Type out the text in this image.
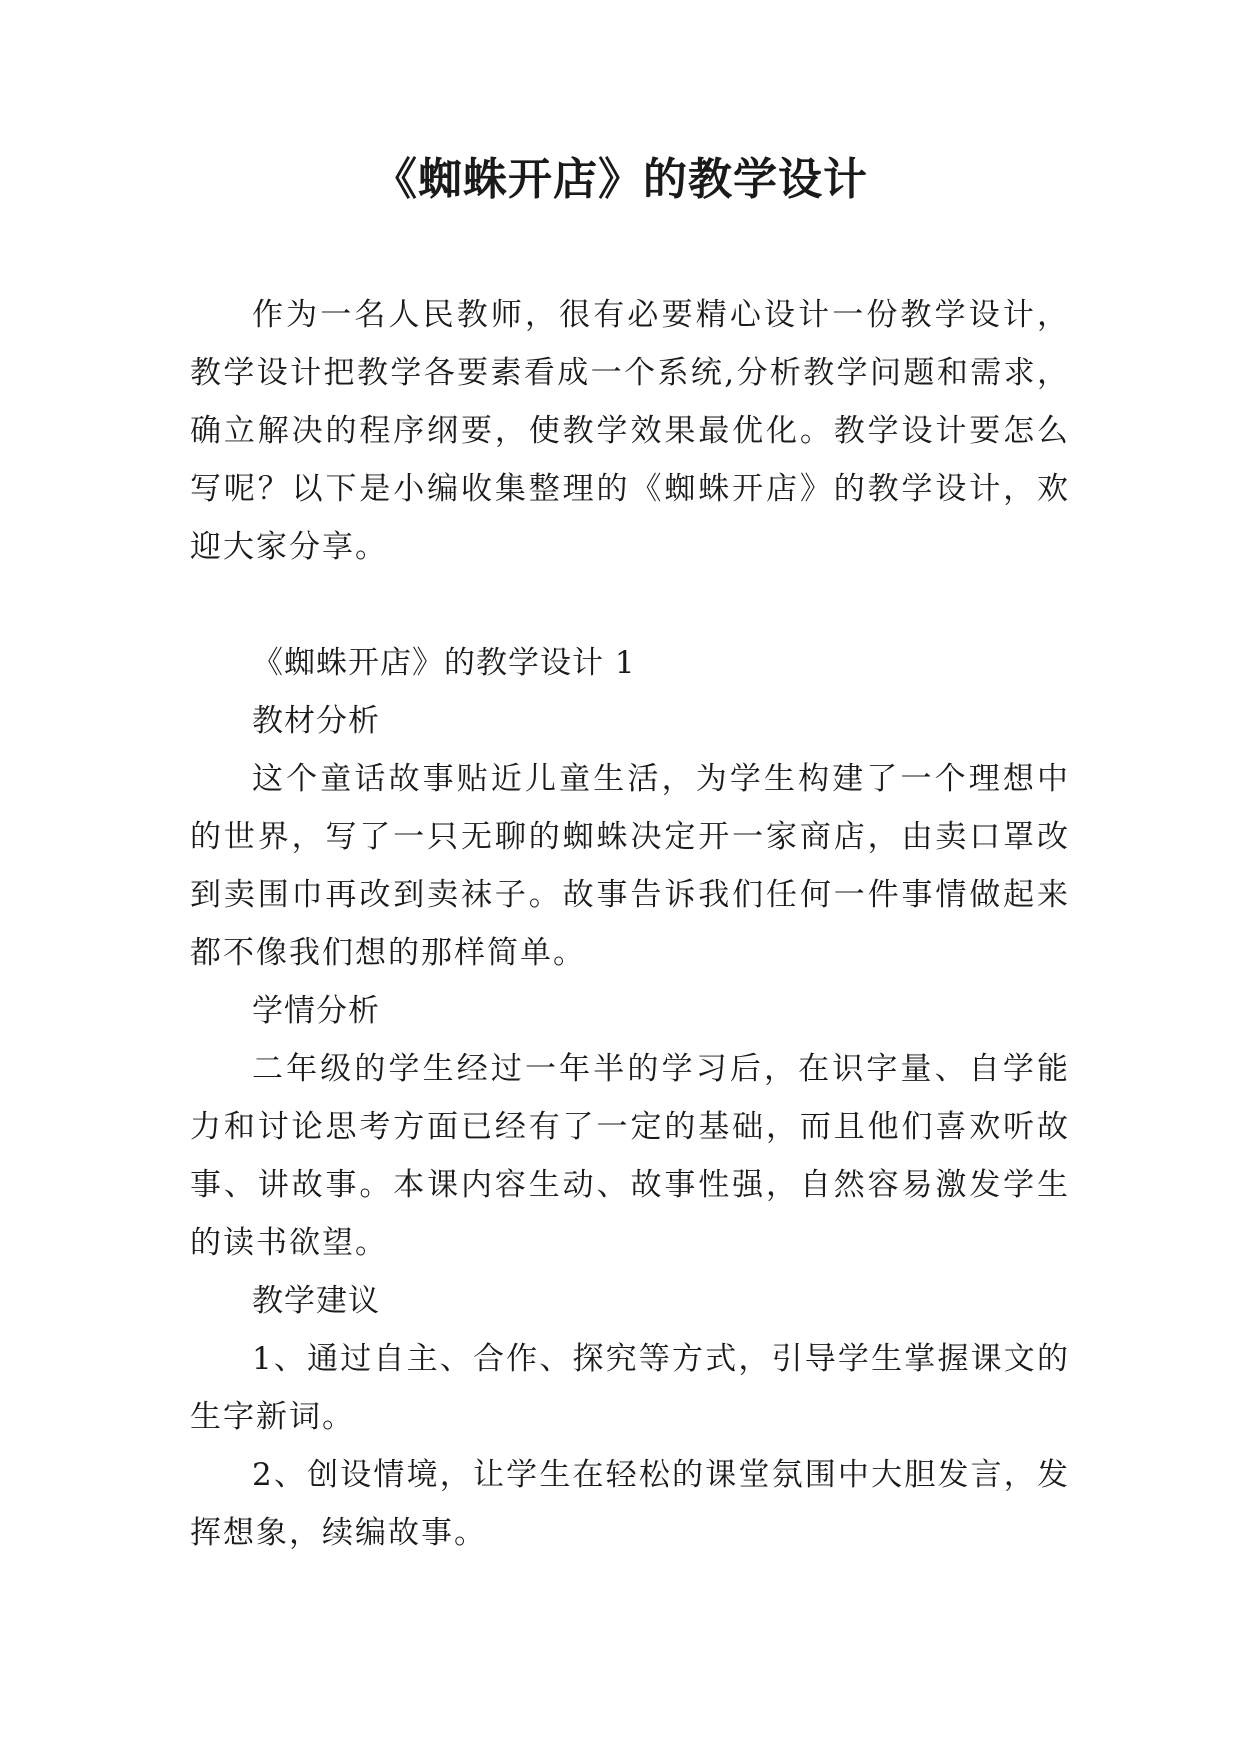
《蜘蛛开店》的教学设计

作为一名人民教师，很有必要精心设计一份教学设计，教学设计把教学各要素看成一个系统,分析教学问题和需求，确立解决的程序纲要，使教学效果最优化。教学设计要怎么写呢？以下是小编收集整理的《蜘蛛开店》的教学设计，欢迎大家分享。

《蜘蛛开店》的教学设计 1

教材分析

这个童话故事贴近儿童生活，为学生构建了一个理想中的世界，写了一只无聊的蜘蛛决定开一家商店，由卖口罩改到卖围巾再改到卖袜子。故事告诉我们任何一件事情做起来都不像我们想的那样简单。

学情分析

二年级的学生经过一年半的学习后，在识字量、自学能力和讨论思考方面已经有了一定的基础，而且他们喜欢听故事、讲故事。本课内容生动、故事性强，自然容易激发学生的读书欲望。

教学建议

1、通过自主、合作、探究等方式，引导学生掌握课文的生字新词。

2、创设情境，让学生在轻松的课堂氛围中大胆发言，发挥想象，续编故事。
